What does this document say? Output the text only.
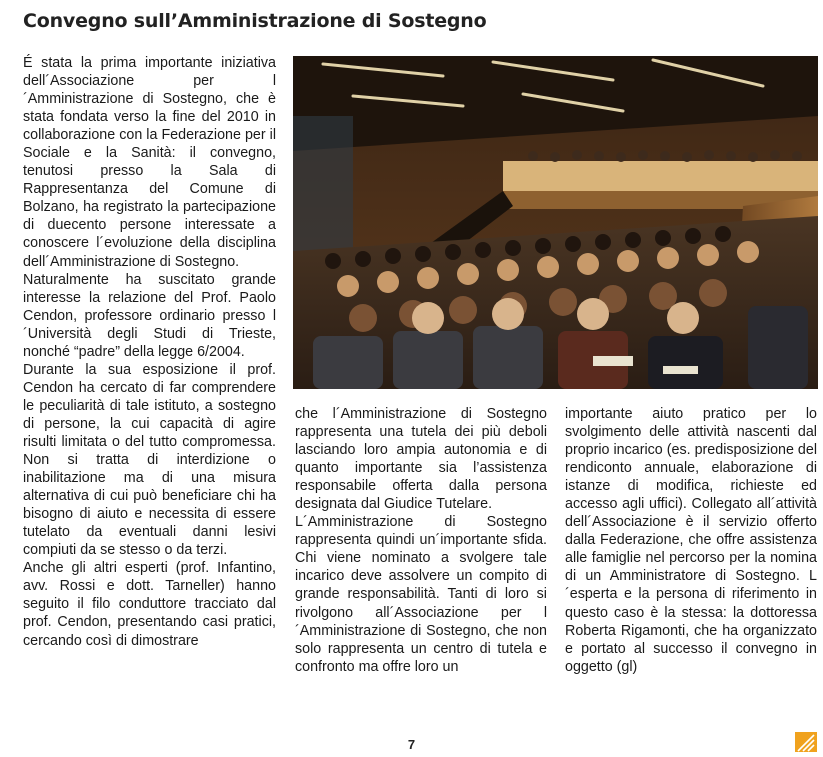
Convegno sull’Amministrazione di Sostegno

É stata la prima importante iniziativa dell´Associazione per l´Amministrazione di Sostegno, che è stata fondata verso la fine del 2010 in collaborazione con la Federazione per il Sociale e la Sanità: il convegno, tenutosi presso la Sala di Rappresentanza del Comune di Bolzano, ha registrato la partecipazione di duecento persone interessate a conoscere l´evoluzione della disciplina dell´Amministrazione di Sostegno.

Naturalmente ha suscitato grande interesse la relazione del Prof. Paolo Cendon, professore ordinario presso l´Università degli Studi di Trieste, nonché “padre” della legge 6/2004.

Durante la sua esposizione il prof. Cendon ha cercato di far comprendere le peculiarità di tale istituto, a sostegno di persone, la cui capacità di agire risulti limitata o del tutto compromessa. Non si tratta di interdizione o inabilitazione ma di una misura alternativa di cui può beneficiare chi ha bisogno di aiuto e necessita di essere tutelato da eventuali danni lesivi compiuti da se stesso o da terzi.

Anche gli altri esperti (prof. Infantino, avv. Rossi e dott. Tarneller) hanno seguito il filo conduttore tracciato dal prof. Cendon, presentando casi pratici, cercando così di dimostrare

che l´Amministrazione di Sostegno rappresenta una tutela dei più deboli lasciando loro ampia autonomia e di quanto importante sia l’assistenza responsabile offerta dalla persona designata dal Giudice Tutelare.

L´Amministrazione di Sostegno rappresenta quindi un´importante sfida. Chi viene nominato a svolgere tale incarico deve assolvere un compito di grande responsabilità. Tanti di loro si rivolgono all´Associazione per l´Amministrazione di Sostegno, che non solo rappresenta un centro di tutela e confronto ma offre loro un

importante aiuto pratico per lo svolgimento delle attività nascenti dal proprio incarico (es. predisposizione del rendiconto annuale, elaborazione di istanze di modifica, richieste ed accesso agli uffici). Collegato all´attività dell´Associazione è il servizio offerto dalla Federazione, che offre assistenza alle famiglie nel percorso per la nomina di un Amministratore di Sostegno. L´esperta e la persona di riferimento in questo caso è la stessa: la dottoressa Roberta Rigamonti, che ha organizzato e portato al successo il convegno in oggetto (gl)

7
